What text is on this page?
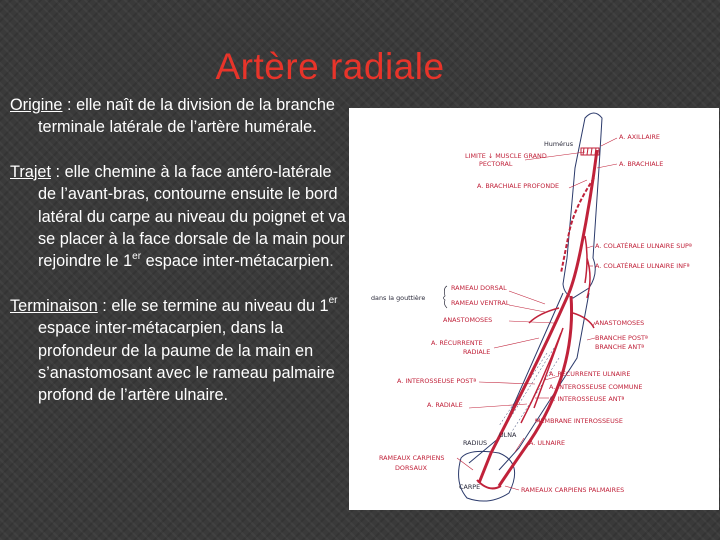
Artère radiale

Origine : elle naît de la division de la branche terminale latérale de l’artère humérale.

Trajet : elle chemine à la face antéro-latérale de l’avant-bras, contourne ensuite le bord latéral du carpe au niveau du poignet et va se placer à la face dorsale de la main pour rejoindre le 1er espace inter-métacarpien.

Terminaison : elle se termine au niveau du 1er espace inter-métacarpien, dans la profondeur de la paume de la main en s’anastomosant avec le rameau palmaire profond de l’artère ulnaire.

Humérus
A. AXILLAIRE
LIMITE ↓ MUSCLE GRAND
PECTORAL	A. BRACHIALE
A. BRACHIALE PROFONDE
A. COLATÉRALE ULNAIRE SUPª
A. COLATÉRALE ULNAIRE INFª
dans la gouttière
RAMEAU DORSAL
RAMEAU VENTRAL
ANASTOMOSES	ANASTOMOSES
A. RÉCURRENTE
RADIALE
BRANCHE POSTª
BRANCHE ANTª
A. INTEROSSEUSE POSTª
A. RÉCURRENTE ULNAIRE
A. INTEROSSEUSE COMMUNE
A. INTEROSSEUSE ANTª
A. RADIALE
MEMBRANE INTEROSSEUSE
RADIUS
ULNA
A. ULNAIRE
RAMEAUX CARPIENS
DORSAUX
CARPE	RAMEAUX CARPIENS PALMAIRES
